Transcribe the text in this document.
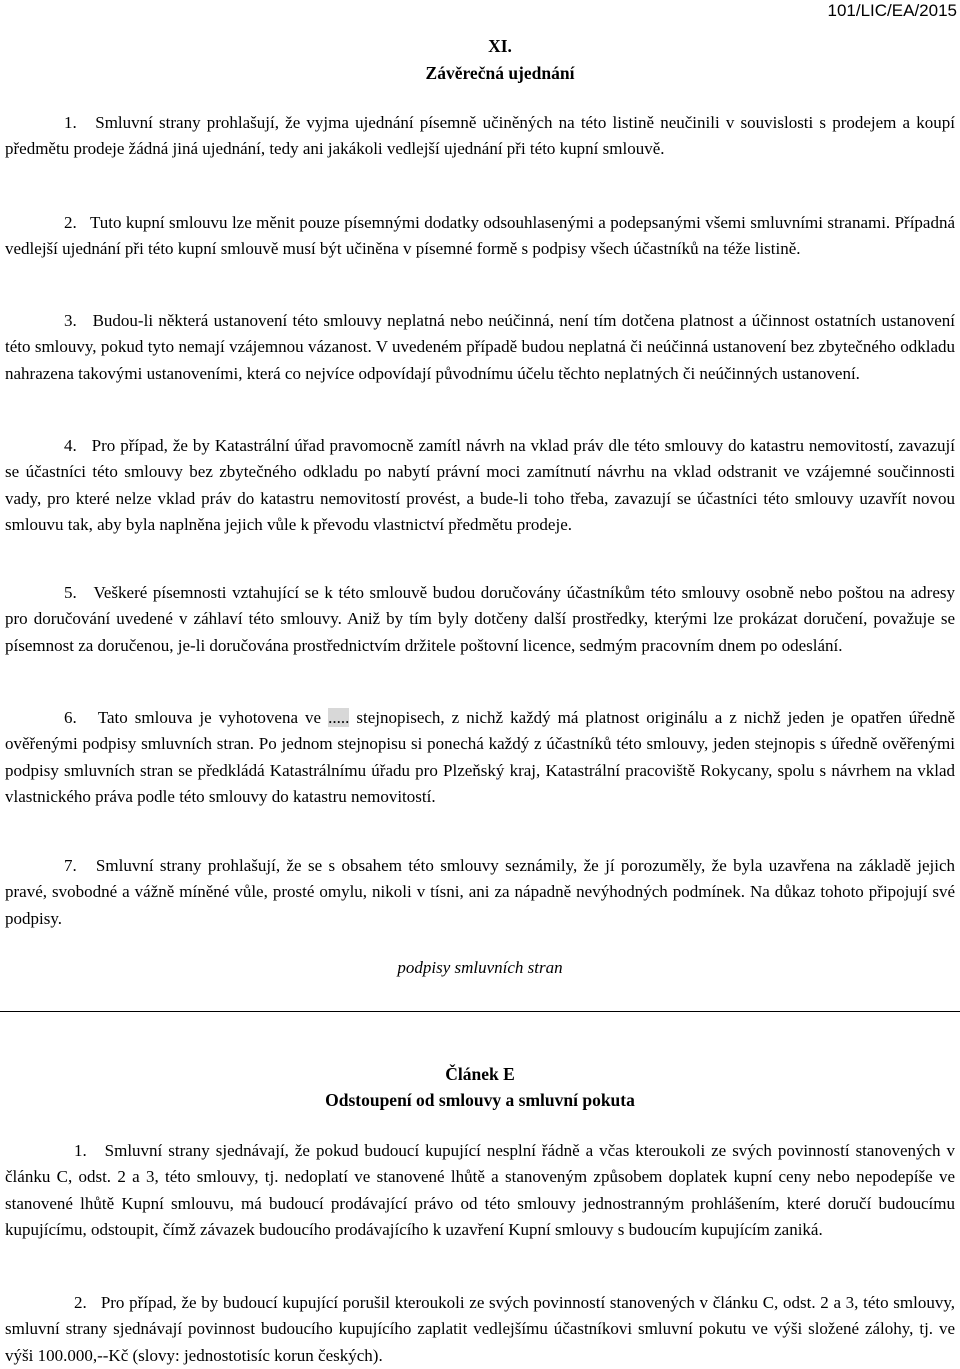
101/LIC/EA/2015
XI.
Závěrečná ujednání
1. Smluvní strany prohlašují, že vyjma ujednání písemně učiněných na této listině neučinili v souvislosti s prodejem a koupí předmětu prodeje žádná jiná ujednání, tedy ani jakákoli vedlejší ujednání při této kupní smlouvě.
2. Tuto kupní smlouvu lze měnit pouze písemnými dodatky odsouhlasenými a podepsanými všemi smluvními stranami. Případná vedlejší ujednání při této kupní smlouvě musí být učiněna v písemné formě s podpisy všech účastníků na téže listině.
3. Budou-li některá ustanovení této smlouvy neplatná nebo neúčinná, není tím dotčena platnost a účinnost ostatních ustanovení této smlouvy, pokud tyto nemají vzájemnou vázanost. V uvedeném případě budou neplatná či neúčinná ustanovení bez zbytečného odkladu nahrazena takovými ustanoveními, která co nejvíce odpovídají původnímu účelu těchto neplatných či neúčinných ustanovení.
4. Pro případ, že by Katastrální úřad pravomocně zamítl návrh na vklad práv dle této smlouvy do katastru nemovitostí, zavazují se účastníci této smlouvy bez zbytečného odkladu po nabytí právní moci zamítnutí návrhu na vklad odstranit ve vzájemné součinnosti vady, pro které nelze vklad práv do katastru nemovitostí provést, a bude-li toho třeba, zavazují se účastníci této smlouvy uzavřít novou smlouvu tak, aby byla naplněna jejich vůle k převodu vlastnictví předmětu prodeje.
5. Veškeré písemnosti vztahující se k této smlouvě budou doručovány účastníkům této smlouvy osobně nebo poštou na adresy pro doručování uvedené v záhlaví této smlouvy. Aniž by tím byly dotčeny další prostředky, kterými lze prokázat doručení, považuje se písemnost za doručenou, je-li doručována prostřednictvím držitele poštovní licence, sedmým pracovním dnem po odeslání.
6. Tato smlouva je vyhotovena ve ..... stejnopisech, z nichž každý má platnost originálu a z nichž jeden je opatřen úředně ověřenými podpisy smluvních stran. Po jednom stejnopisu si ponechá každý z účastníků této smlouvy, jeden stejnopis s úředně ověřenými podpisy smluvních stran se předkládá Katastrálnímu úřadu pro Plzeňský kraj, Katastrální pracoviště Rokycany, spolu s návrhem na vklad vlastnického práva podle této smlouvy do katastru nemovitostí.
7. Smluvní strany prohlašují, že se s obsahem této smlouvy seznámily, že jí porozuměly, že byla uzavřena na základě jejich pravé, svobodné a vážně míněné vůle, prosté omylu, nikoli v tísni, ani za nápadně nevýhodných podmínek. Na důkaz tohoto připojují své podpisy.
podpisy smluvních stran
Článek E
Odstoupení od smlouvy a smluvní pokuta
1. Smluvní strany sjednávají, že pokud budoucí kupující nesplní řádně a včas kteroukoli ze svých povinností stanovených v článku C, odst. 2 a 3, této smlouvy, tj. nedoplatí ve stanovené lhůtě a stanoveným způsobem doplatek kupní ceny nebo nepodepíše ve stanovené lhůtě Kupní smlouvu, má budoucí prodávající právo od této smlouvy jednostranným prohlášením, které doručí budoucímu kupujícímu, odstoupit, čímž závazek budoucího prodávajícího k uzavření Kupní smlouvy s budoucím kupujícím zaniká.
2. Pro případ, že by budoucí kupující porušil kteroukoli ze svých povinností stanovených v článku C, odst. 2 a 3, této smlouvy, smluvní strany sjednávají povinnost budoucího kupujícího zaplatit vedlejšímu účastníkovi smluvní pokutu ve výši složené zálohy, tj. ve výši 100.000,--Kč (slovy: jednostotisíc korun českých).
